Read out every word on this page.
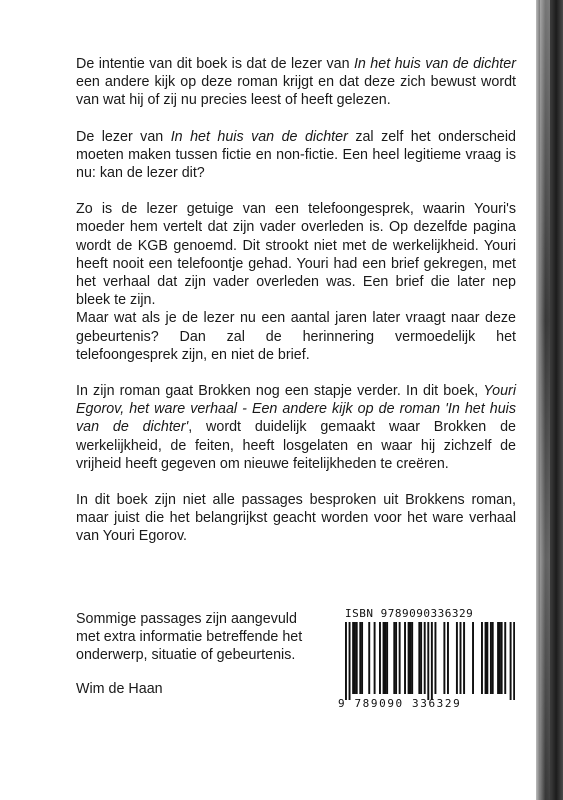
De intentie van dit boek is dat de lezer van In het huis van de dichter een andere kijk op deze roman krijgt en dat deze zich bewust wordt van wat hij of zij nu precies leest of heeft gelezen.

De lezer van In het huis van de dichter zal zelf het onderscheid moeten maken tussen fictie en non-fictie. Een heel legitieme vraag is nu: kan de lezer dit?

Zo is de lezer getuige van een telefoongesprek, waarin Youri's moeder hem vertelt dat zijn vader overleden is. Op dezelfde pagina wordt de KGB genoemd. Dit strookt niet met de werkelijkheid. Youri heeft nooit een telefoontje gehad. Youri had een brief gekregen, met het verhaal dat zijn vader overleden was. Een brief die later nep bleek te zijn.

Maar wat als je de lezer nu een aantal jaren later vraagt naar deze gebeurtenis? Dan zal de herinnering vermoedelijk het telefoongesprek zijn, en niet de brief.

In zijn roman gaat Brokken nog een stapje verder. In dit boek, Youri Egorov, het ware verhaal - Een andere kijk op de roman 'In het huis van de dichter', wordt duidelijk gemaakt waar Brokken de werkelijkheid, de feiten, heeft losgelaten en waar hij zichzelf de vrijheid heeft gegeven om nieuwe feitelijkheden te creëren.

In dit boek zijn niet alle passages besproken uit Brokkens roman, maar juist die het belangrijkst geacht worden voor het ware verhaal van Youri Egorov.

Sommige passages zijn aangevuld
met extra informatie betreffende het
onderwerp, situatie of gebeurtenis.
Wim de Haan
ISBN 9789090336329
9 789090 336329
